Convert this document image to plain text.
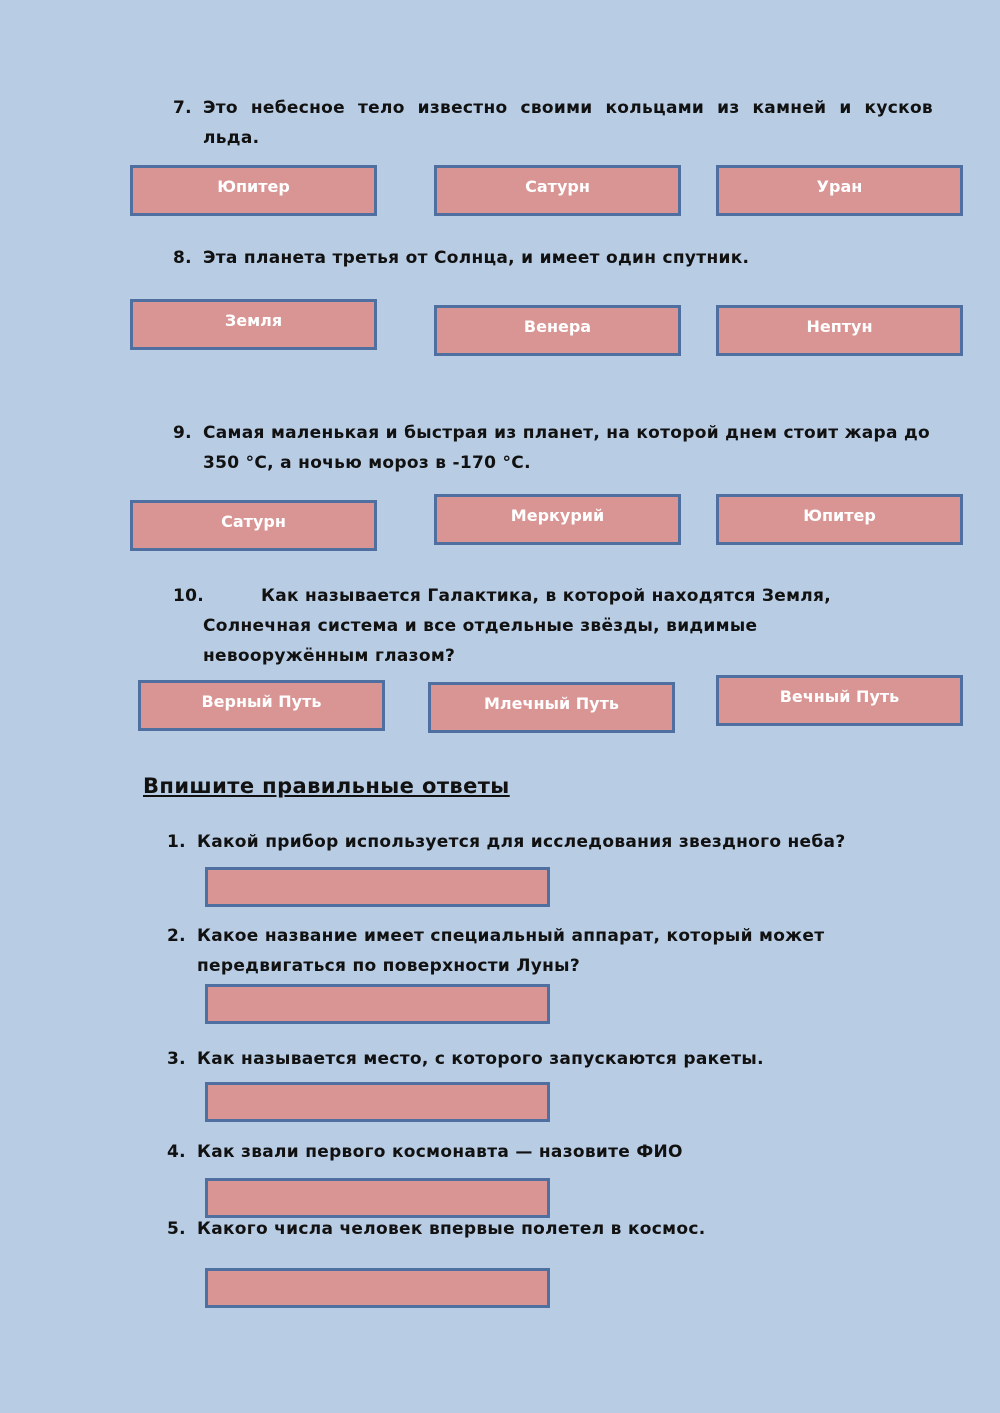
7. Это небесное тело известно своими кольцами из камней и кусков льда.
Юпитер	Сатурн	Уран
8. Эта планета третья от Солнца, и имеет один спутник.
Земля	Венера	Нептун
9. Самая маленькая и быстрая из планет, на которой днем стоит жара до 350 °С, а ночью мороз в -170 °С.
Сатурн	Меркурий	Юпитер
10.	Как называется Галактика, в которой находятся Земля, Солнечная система и все отдельные звёзды, видимые невооружённым глазом?
Верный Путь	Млечный Путь	Вечный Путь
Впишите правильные ответы
1. Какой прибор используется для исследования звездного неба?
2. Какое название имеет специальный аппарат, который может передвигаться по поверхности Луны?
3. Как называется место, с которого запускаются ракеты.
4. Как звали первого космонавта — назовите ФИО
5. Какого числа человек впервые полетел в космос.
